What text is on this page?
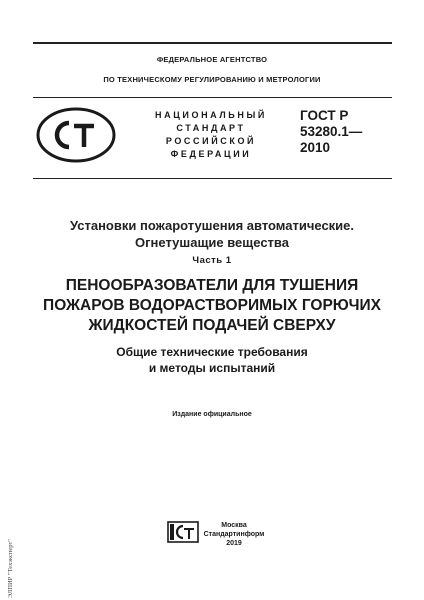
ФЕДЕРАЛЬНОЕ АГЕНТСТВО
ПО ТЕХНИЧЕСКОМУ РЕГУЛИРОВАНИЮ И МЕТРОЛОГИИ
НАЦИОНАЛЬНЫЙ
СТАНДАРТ
РОССИЙСКОЙ
ФЕДЕРАЦИИ
ГОСТ Р
53280.1—
2010
Установки пожаротушения автоматические.
Огнетушащие вещества
Часть 1
ПЕНООБРАЗОВАТЕЛИ ДЛЯ ТУШЕНИЯ
ПОЖАРОВ ВОДОРАСТВОРИМЫХ ГОРЮЧИХ
ЖИДКОСТЕЙ ПОДАЧЕЙ СВЕРХУ
Общие технические требования
и методы испытаний
Издание официальное
Москва
Стандартинформ
2019
ЭЛПИР "Техэксперт"
